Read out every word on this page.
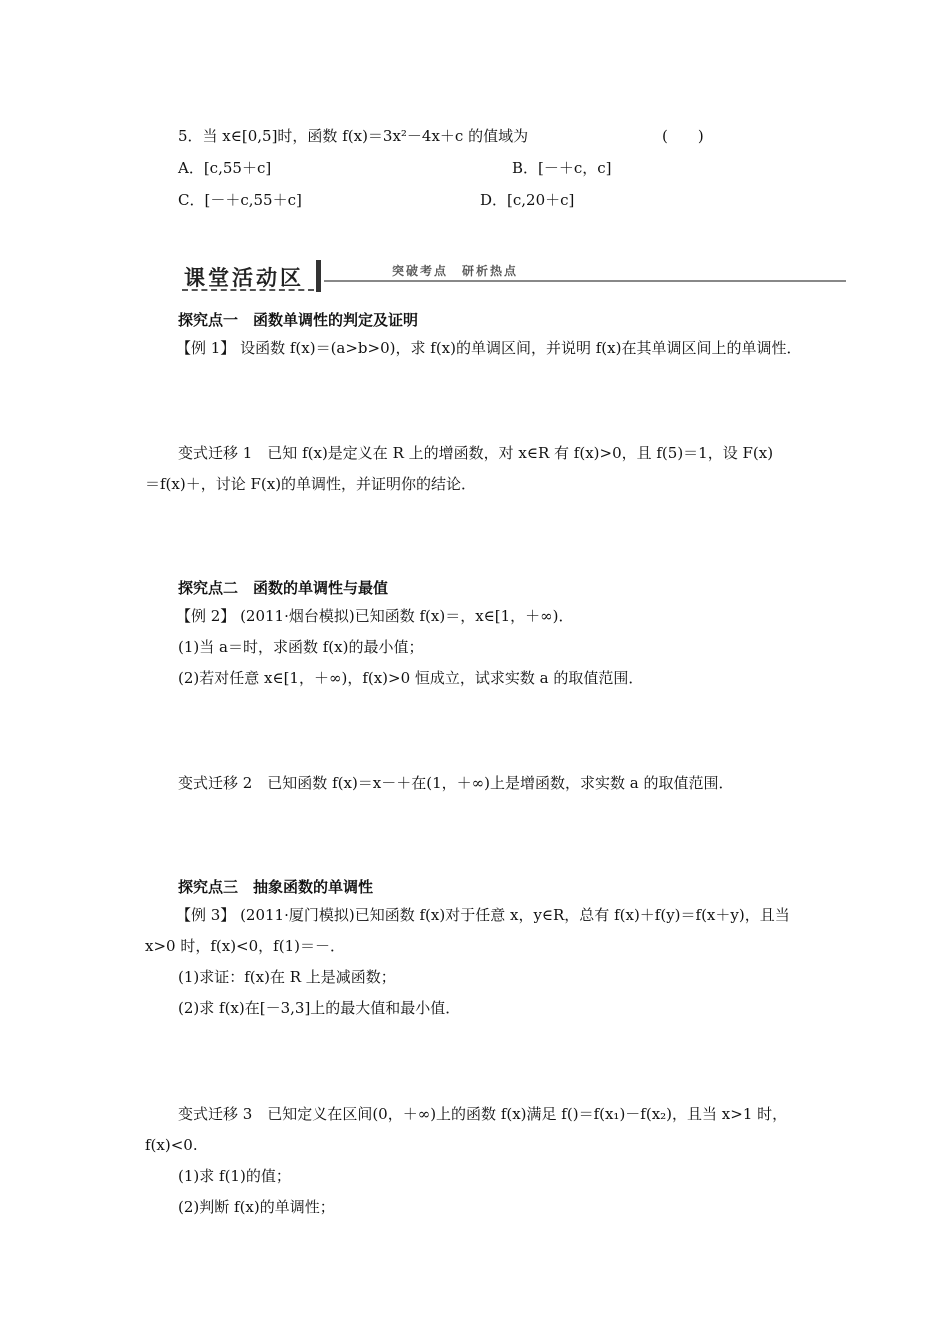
5．当 x∈[0,5]时，函数 f(x)＝3x²－4x＋c 的值域为	(　　)
A．[c,55＋c]	B．[－＋c，c]
C．[－＋c,55＋c]	D．[c,20＋c]
课堂活动区	突破考点　研析热点
探究点一　函数单调性的判定及证明
【例 1】 设函数 f(x)＝(a>b>0)，求 f(x)的单调区间，并说明 f(x)在其单调区间上的单调性．
变式迁移 1　已知 f(x)是定义在 R 上的增函数，对 x∈R 有 f(x)>0，且 f(5)＝1，设 F(x)
＝f(x)＋，讨论 F(x)的单调性，并证明你的结论．
探究点二　函数的单调性与最值
【例 2】 (2011·烟台模拟)已知函数 f(x)＝，x∈[1，＋∞)．
(1)当 a＝时，求函数 f(x)的最小值；
(2)若对任意 x∈[1，＋∞)，f(x)>0 恒成立，试求实数 a 的取值范围．
变式迁移 2　已知函数 f(x)＝x－＋在(1，＋∞)上是增函数，求实数 a 的取值范围．
探究点三　抽象函数的单调性
【例 3】 (2011·厦门模拟)已知函数 f(x)对于任意 x，y∈R，总有 f(x)＋f(y)＝f(x＋y)，且当
x>0 时，f(x)<0，f(1)＝－．
(1)求证：f(x)在 R 上是减函数；
(2)求 f(x)在[－3,3]上的最大值和最小值．
变式迁移 3　已知定义在区间(0，＋∞)上的函数 f(x)满足 f()＝f(x₁)－f(x₂)，且当 x>1 时，
f(x)<0.
(1)求 f(1)的值；
(2)判断 f(x)的单调性；
